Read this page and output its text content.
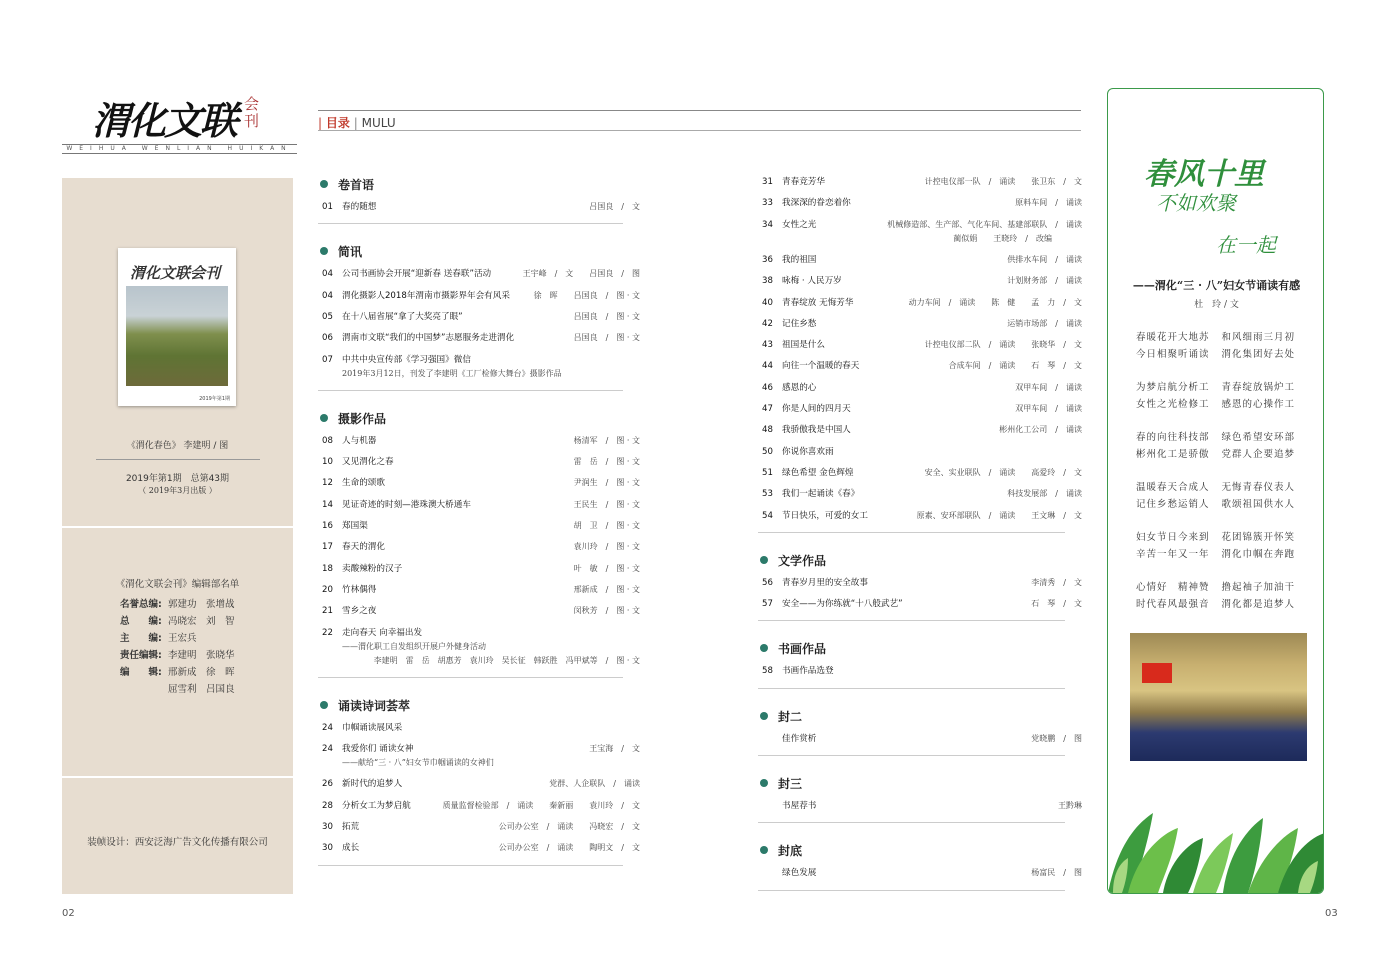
渭化文联 会刊
WEIHUA WENLIAN HUIKAN
渭化文联会刊
2019年第1期
《渭化春色》 李建明 / 图
2019年第1期　总第43期
（ 2019年3月出版 ）
《渭化文联会刊》编辑部名单
名誉总编: 郭建功　张增战
总　　编: 冯晓宏　刘　智
主　　编: 王宏兵
责任编辑: 李建明　张晓华
编　　辑: 邢新成　徐　晖
屈雪利　吕国良
装帧设计：西安泛海广告文化传播有限公司
| 目录 | MULU
卷首语
01 春的随想	吕国良　/　文
简讯
04 公司书画协会开展“迎新春 送春联”活动	王宇峰　/　文　　吕国良　/　图
04 渭化摄影人2018年渭南市摄影界年会有风采	徐　晖　　吕国良　/　图 · 文
05 在十八届省展“拿了大奖亮了眼”	吕国良　/　图 · 文
06 渭南市文联“我们的中国梦”志愿服务走进渭化	吕国良　/　图 · 文
07 中共中央宣传部《学习强国》微信
2019年3月12日，刊发了李建明《工厂检修大舞台》摄影作品
摄影作品
08 人与机器	杨清军　/　图 · 文
10 又见渭化之春	雷　岳　/　图 · 文
12 生命的颂歌	尹润生　/　图 · 文
14 见证奇迹的时刻—港珠澳大桥通车	王民生　/　图 · 文
16 郑国渠	胡　卫　/　图 · 文
17 春天的渭化	袁川玲　/　图 · 文
18 卖酸辣粉的汉子	叶　敏　/　图 · 文
20 竹林偶得	邢新成　/　图 · 文
21 雪乡之夜	闵秋芳　/　图 · 文
22 走向春天 向幸福出发
——渭化职工自发组织开展户外健身活动
李建明　雷　岳　胡惠芳　袁川玲　吴长征　韩跃胜　冯甲斌等　/　图 · 文
诵读诗词荟萃
24 巾帼诵读展风采
24 我爱你们 诵读女神	王宝海　/　文
——献给“三 · 八”妇女节巾帼诵读的女神们
26 新时代的追梦人	党群、人企联队　/　诵读
28 分析女工为梦启航	质量监督检验部　/　诵读　　秦新丽　　袁川玲　/　文
30 拓荒	公司办公室　/　诵读　　冯晓宏　/　文
30 成长	公司办公室　/　诵读　　陶明文　/　文
31 青春竞芳华	计控电仪部一队　/　诵读　　张卫东　/　文
33 我深深的眷恋着你	原料车间　/　诵读
34 女性之光	机械修造部、生产部、气化车间、基建部联队　/　诵读
蔺似娟　　王晓玲　/　改编
36 我的祖国	供排水车间　/　诵读
38 咏梅 · 人民万岁	计划财务部　/　诵读
40 青春绽放 无悔芳华	动力车间　/　诵读　　陈　健　　孟　力　/　文
42 记住乡愁	运销市场部　/　诵读
43 祖国是什么	计控电仪部二队　/　诵读　　张晓华　/　文
44 向往一个温暖的春天	合成车间　/　诵读　　石　琴　/　文
46 感恩的心	双甲车间　/　诵读
47 你是人间的四月天	双甲车间　/　诵读
48 我骄傲我是中国人	彬州化工公司　/　诵读
50 你说你喜欢雨
51 绿色希望 金色辉煌	安全、实业联队　/　诵读　　高爱玲　/　文
53 我们一起诵读《春》	科技发展部　/　诵读
54 节日快乐，可爱的女工	原素、安环部联队　/　诵读　　王文琳　/　文
文学作品
56 青春岁月里的安全故事	李清秀　/　文
57 安全——为你练就“十八般武艺”	石　琴　/　文
书画作品
58 书画作品选登
封二
佳作赏析	党晓鹏　/　图
封三
书屋荐书	王黔琳
封底
绿色发展	杨富民　/　图
春风十里
不如欢聚
在一起
——渭化“三 · 八”妇女节诵读有感
杜　玲 / 文
春暖花开大地苏 和风细雨三月初
今日相聚听诵读 渭化集团好去处
为梦启航分析工 青春绽放锅炉工
女性之光检修工 感恩的心操作工
春的向往科技部 绿色希望安环部
彬州化工是骄傲 党群人企要追梦
温暖春天合成人 无悔青春仪表人
记住乡愁运销人 歌颂祖国供水人
妇女节日今来到 花团锦簇开怀笑
辛苦一年又一年 渭化巾帼在奔跑
心情好　精神赞 撸起袖子加油干
时代春风最强音 渭化都是追梦人
02	03
